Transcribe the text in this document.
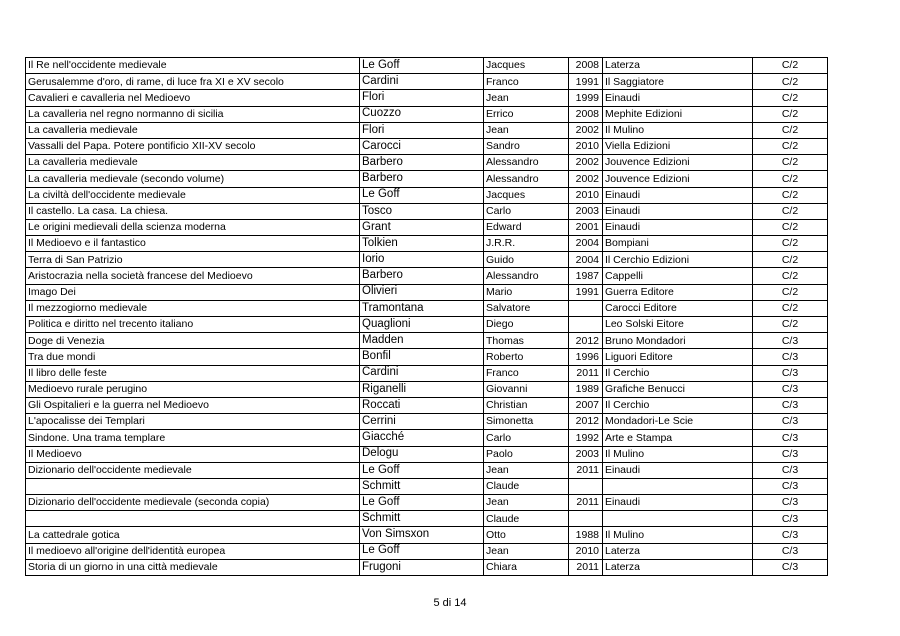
Il Re nell'occidente medievale	Le Goff	Jacques	2008	Laterza	C/2
Gerusalemme d'oro, di rame, di luce fra XI e XV secolo	Cardini	Franco	1991	Il Saggiatore	C/2
Cavalieri e cavalleria nel Medioevo	Flori	Jean	1999	Einaudi	C/2
La cavalleria nel regno normanno di sicilia	Cuozzo	Errico	2008	Mephite Edizioni	C/2
La cavalleria medievale	Flori	Jean	2002	Il Mulino	C/2
Vassalli del Papa. Potere pontificio XII-XV secolo	Carocci	Sandro	2010	Viella Edizioni	C/2
La cavalleria medievale	Barbero	Alessandro	2002	Jouvence Edizioni	C/2
La cavalleria medievale (secondo volume)	Barbero	Alessandro	2002	Jouvence Edizioni	C/2
La civiltà dell'occidente medievale	Le Goff	Jacques	2010	Einaudi	C/2
Il castello. La casa. La chiesa.	Tosco	Carlo	2003	Einaudi	C/2
Le origini medievali della scienza moderna	Grant	Edward	2001	Einaudi	C/2
Il Medioevo e il fantastico	Tolkien	J.R.R.	2004	Bompiani	C/2
Terra di San Patrizio	Iorio	Guido	2004	Il Cerchio Edizioni	C/2
Aristocrazia nella società francese del Medioevo	Barbero	Alessandro	1987	Cappelli	C/2
Imago Dei	Olivieri	Mario	1991	Guerra Editore	C/2
Il mezzogiorno medievale	Tramontana	Salvatore		Carocci Editore	C/2
Politica e diritto nel trecento italiano	Quaglioni	Diego		Leo Solski Eitore	C/2
Doge di Venezia	Madden	Thomas	2012	Bruno Mondadori	C/3
Tra due mondi	Bonfil	Roberto	1996	Liguori Editore	C/3
Il libro delle feste	Cardini	Franco	2011	Il Cerchio	C/3
Medioevo rurale perugino	Riganelli	Giovanni	1989	Grafiche Benucci	C/3
Gli Ospitalieri e la guerra nel Medioevo	Roccati	Christian	2007	Il Cerchio	C/3
L'apocalisse dei Templari	Cerrini	Simonetta	2012	Mondadori-Le Scie	C/3
Sindone. Una trama templare	Giacché	Carlo	1992	Arte e Stampa	C/3
Il Medioevo	Delogu	Paolo	2003	Il Mulino	C/3
Dizionario dell'occidente medievale	Le Goff	Jean	2011	Einaudi	C/3
	Schmitt	Claude			C/3
Dizionario dell'occidente medievale (seconda copia)	Le Goff	Jean	2011	Einaudi	C/3
	Schmitt	Claude			C/3
La cattedrale gotica	Von Simsxon	Otto	1988	Il Mulino	C/3
Il medioevo all'origine dell'identità europea	Le Goff	Jean	2010	Laterza	C/3
Storia di un giorno in una città medievale	Frugoni	Chiara	2011	Laterza	C/3
5 di 14
